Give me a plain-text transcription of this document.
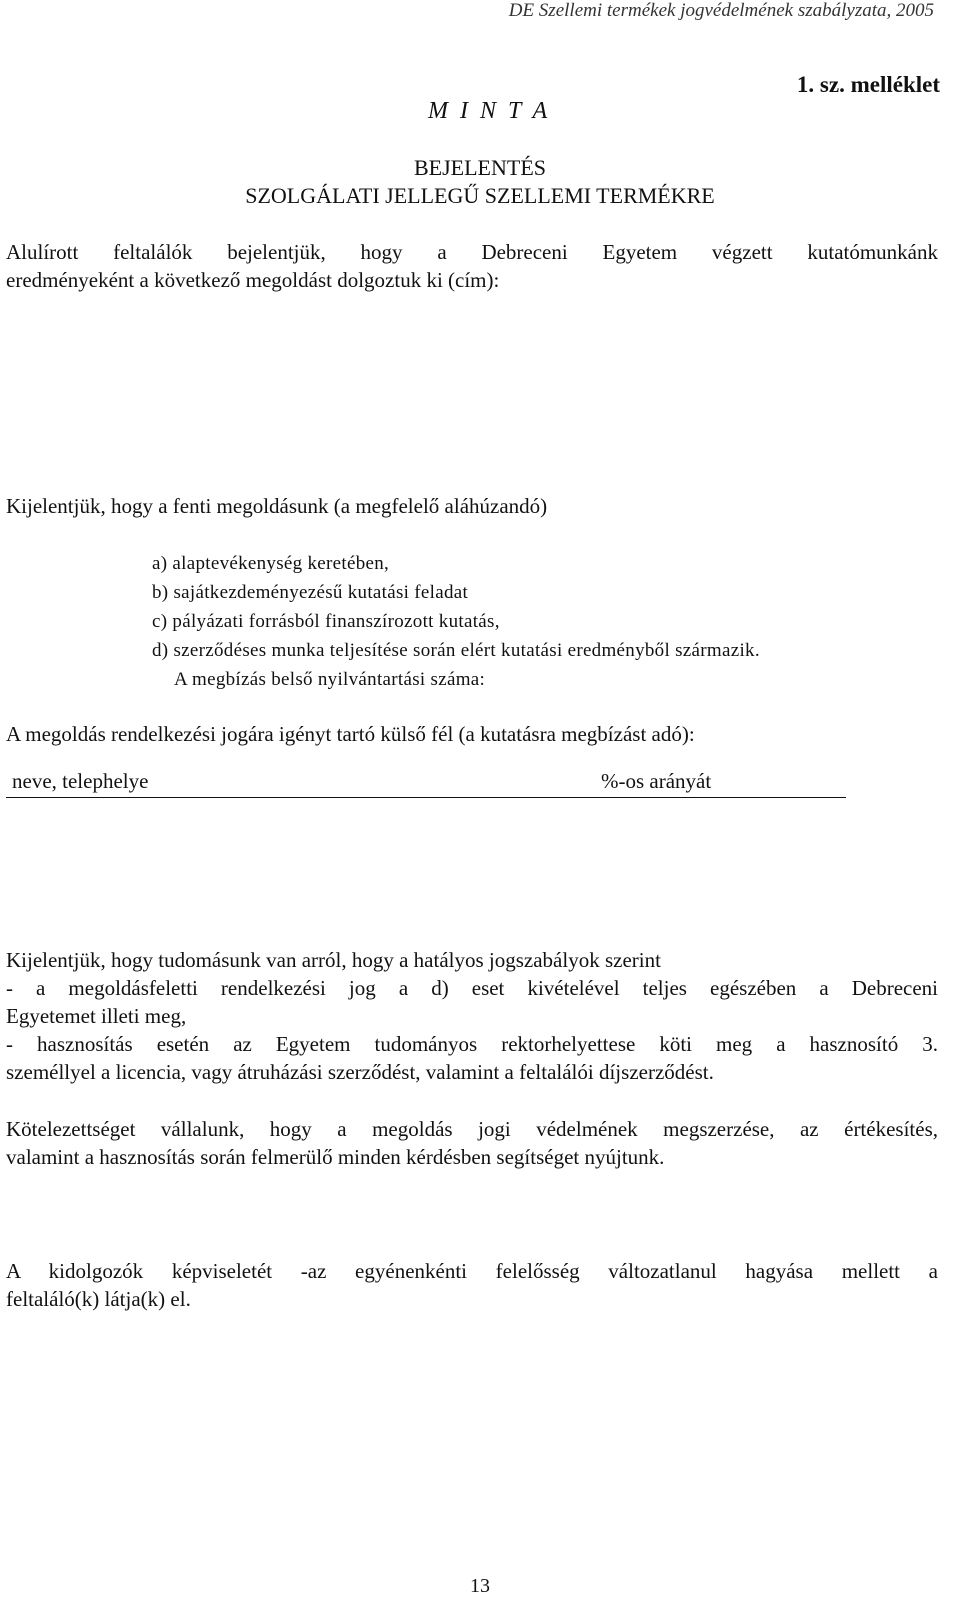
DE Szellemi termékek jogvédelmének szabályzata, 2005
1. sz. melléklet
M I N T A
BEJELENTÉS
SZOLGÁLATI JELLEGŰ SZELLEMI TERMÉKRE
Alulírott feltalálók bejelentjük, hogy a Debreceni Egyetem végzett kutatómunkánk
eredményeként a következő megoldást dolgoztuk ki (cím):
Kijelentjük, hogy a fenti megoldásunk (a megfelelő aláhúzandó)
a) alaptevékenység keretében,
b) sajátkezdeményezésű kutatási feladat
c) pályázati forrásból finanszírozott kutatás,
d) szerződéses munka teljesítése során elért kutatási eredményből származik.
A megbízás belső nyilvántartási száma:
A megoldás rendelkezési jogára igényt tartó külső fél (a kutatásra megbízást adó):
neve, telephelye	%-os arányát
Kijelentjük, hogy tudomásunk van arról, hogy a hatályos jogszabályok szerint
- a megoldásfeletti rendelkezési jog a d) eset kivételével teljes egészében a Debreceni
Egyetemet illeti meg,
- hasznosítás esetén az Egyetem tudományos rektorhelyettese köti meg a hasznosító 3.
személlyel a licencia, vagy átruházási szerződést, valamint a feltalálói díjszerződést.
Kötelezettséget vállalunk, hogy a megoldás jogi védelmének megszerzése, az értékesítés,
valamint a hasznosítás során felmerülő minden kérdésben segítséget nyújtunk.
A kidolgozók képviseletét -az egyénenkénti felelősség változatlanul hagyása mellett a
feltaláló(k) látja(k) el.
13
